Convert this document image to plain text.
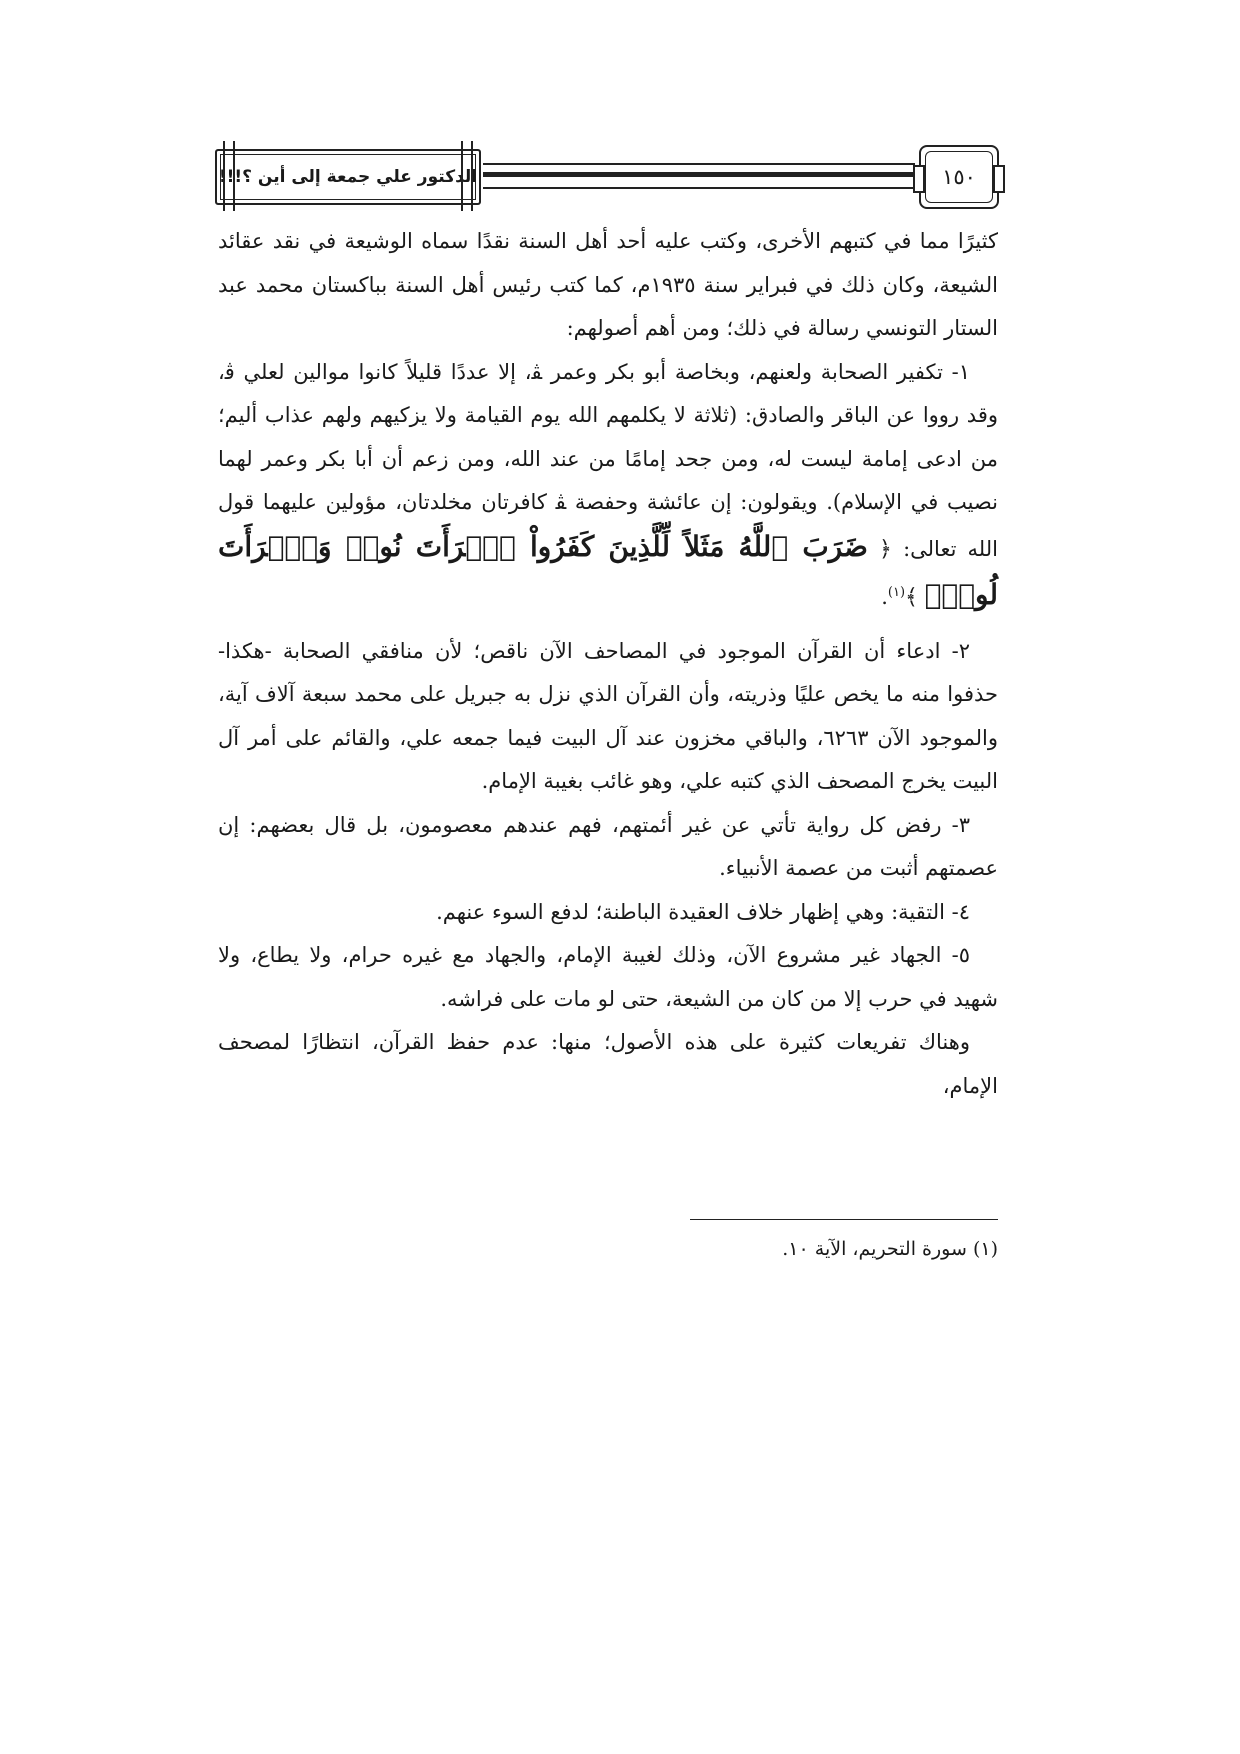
الدكتور علي جمعة إلى أين ؟!!!	١٥٠

كثيرًا مما في كتبهم الأخرى، وكتب عليه أحد أهل السنة نقدًا سماه الوشيعة في نقد عقائد الشيعة، وكان ذلك في فبراير سنة ١٩٣٥م، كما كتب رئيس أهل السنة بباكستان محمد عبد الستار التونسي رسالة في ذلك؛ ومن أهم أصولهم:

١- تكفير الصحابة ولعنهم، وبخاصة أبو بكر وعمر ﭭ، إلا عددًا قليلاً كانوا موالين لعلي ﭬ، وقد رووا عن الباقر والصادق: (ثلاثة لا يكلمهم الله يوم القيامة ولا يزكيهم ولهم عذاب أليم؛ من ادعى إمامة ليست له، ومن جحد إمامًا من عند الله، ومن زعم أن أبا بكر وعمر لهما نصيب في الإسلام). ويقولون: إن عائشة وحفصة ﭭ كافرتان مخلدتان، مؤولين عليهما قول الله تعالى: ﴿ ضَرَبَ ٱللَّهُ مَثَلاً لِّلَّذِينَ كَفَرُواْ ٱمۡرَأَتَ نُوحٖ وَٱمۡرَأَتَ لُوطٖۖ ﴾$^{(١)}$.

٢- ادعاء أن القرآن الموجود في المصاحف الآن ناقص؛ لأن منافقي الصحابة -هكذا- حذفوا منه ما يخص عليًا وذريته، وأن القرآن الذي نزل به جبريل على محمد سبعة آلاف آية، والموجود الآن ٦٢٦٣، والباقي مخزون عند آل البيت فيما جمعه علي، والقائم على أمر آل البيت يخرج المصحف الذي كتبه علي، وهو غائب بغيبة الإمام.

٣- رفض كل رواية تأتي عن غير أئمتهم، فهم عندهم معصومون، بل قال بعضهم: إن عصمتهم أثبت من عصمة الأنبياء.

٤- التقية: وهي إظهار خلاف العقيدة الباطنة؛ لدفع السوء عنهم.

٥- الجهاد غير مشروع الآن، وذلك لغيبة الإمام، والجهاد مع غيره حرام، ولا يطاع، ولا شهيد في حرب إلا من كان من الشيعة، حتى لو مات على فراشه.

وهناك تفريعات كثيرة على هذه الأصول؛ منها: عدم حفظ القرآن، انتظارًا لمصحف الإمام،

(١) سورة التحريم، الآية ١٠.
